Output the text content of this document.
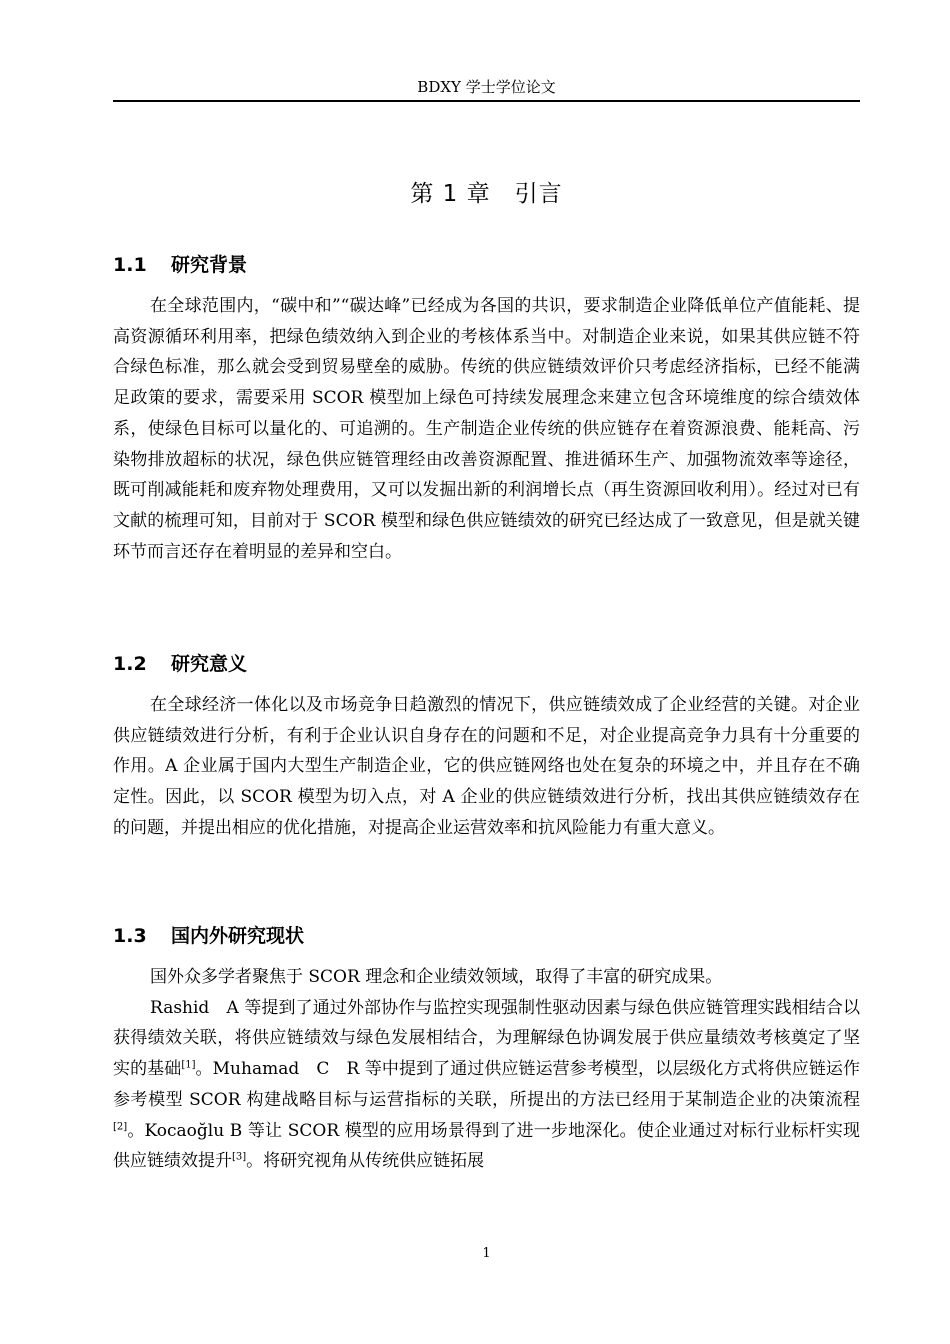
BDXY 学士学位论文
第 1 章　引言
1.1	研究背景

在全球范围内，“碳中和”“碳达峰”已经成为各国的共识，要求制造企业降低单位产值能耗、提高资源循环利用率，把绿色绩效纳入到企业的考核体系当中。对制造企业来说，如果其供应链不符合绿色标准，那么就会受到贸易壁垒的威胁。传统的供应链绩效评价只考虑经济指标，已经不能满足政策的要求，需要采用 SCOR 模型加上绿色可持续发展理念来建立包含环境维度的综合绩效体系，使绿色目标可以量化的、可追溯的。生产制造企业传统的供应链存在着资源浪费、能耗高、污染物排放超标的状况，绿色供应链管理经由改善资源配置、推进循环生产、加强物流效率等途径，既可削减能耗和废弃物处理费用，又可以发掘出新的利润增长点（再生资源回收利用）。经过对已有文献的梳理可知，目前对于 SCOR 模型和绿色供应链绩效的研究已经达成了一致意见，但是就关键环节而言还存在着明显的差异和空白。

1.2	研究意义

在全球经济一体化以及市场竞争日趋激烈的情况下，供应链绩效成了企业经营的关键。对企业供应链绩效进行分析，有利于企业认识自身存在的问题和不足，对企业提高竞争力具有十分重要的作用。A 企业属于国内大型生产制造企业，它的供应链网络也处在复杂的环境之中，并且存在不确定性。因此，以 SCOR 模型为切入点，对 A 企业的供应链绩效进行分析，找出其供应链绩效存在的问题，并提出相应的优化措施，对提高企业运营效率和抗风险能力有重大意义。

1.3	国内外研究现状

国外众多学者聚焦于 SCOR 理念和企业绩效领域，取得了丰富的研究成果。

Rashid　A 等提到了通过外部协作与监控实现强制性驱动因素与绿色供应链管理实践相结合以获得绩效关联，将供应链绩效与绿色发展相结合，为理解绿色协调发展于供应量绩效考核奠定了坚实的基础[1]。Muhamad　C　R 等中提到了通过供应链运营参考模型，以层级化方式将供应链运作参考模型 SCOR 构建战略目标与运营指标的关联，所提出的方法已经用于某制造企业的决策流程[2]。Kocaoğlu B 等让 SCOR 模型的应用场景得到了进一步地深化。使企业通过对标行业标杆实现供应链绩效提升[3]。将研究视角从传统供应链拓展

1
